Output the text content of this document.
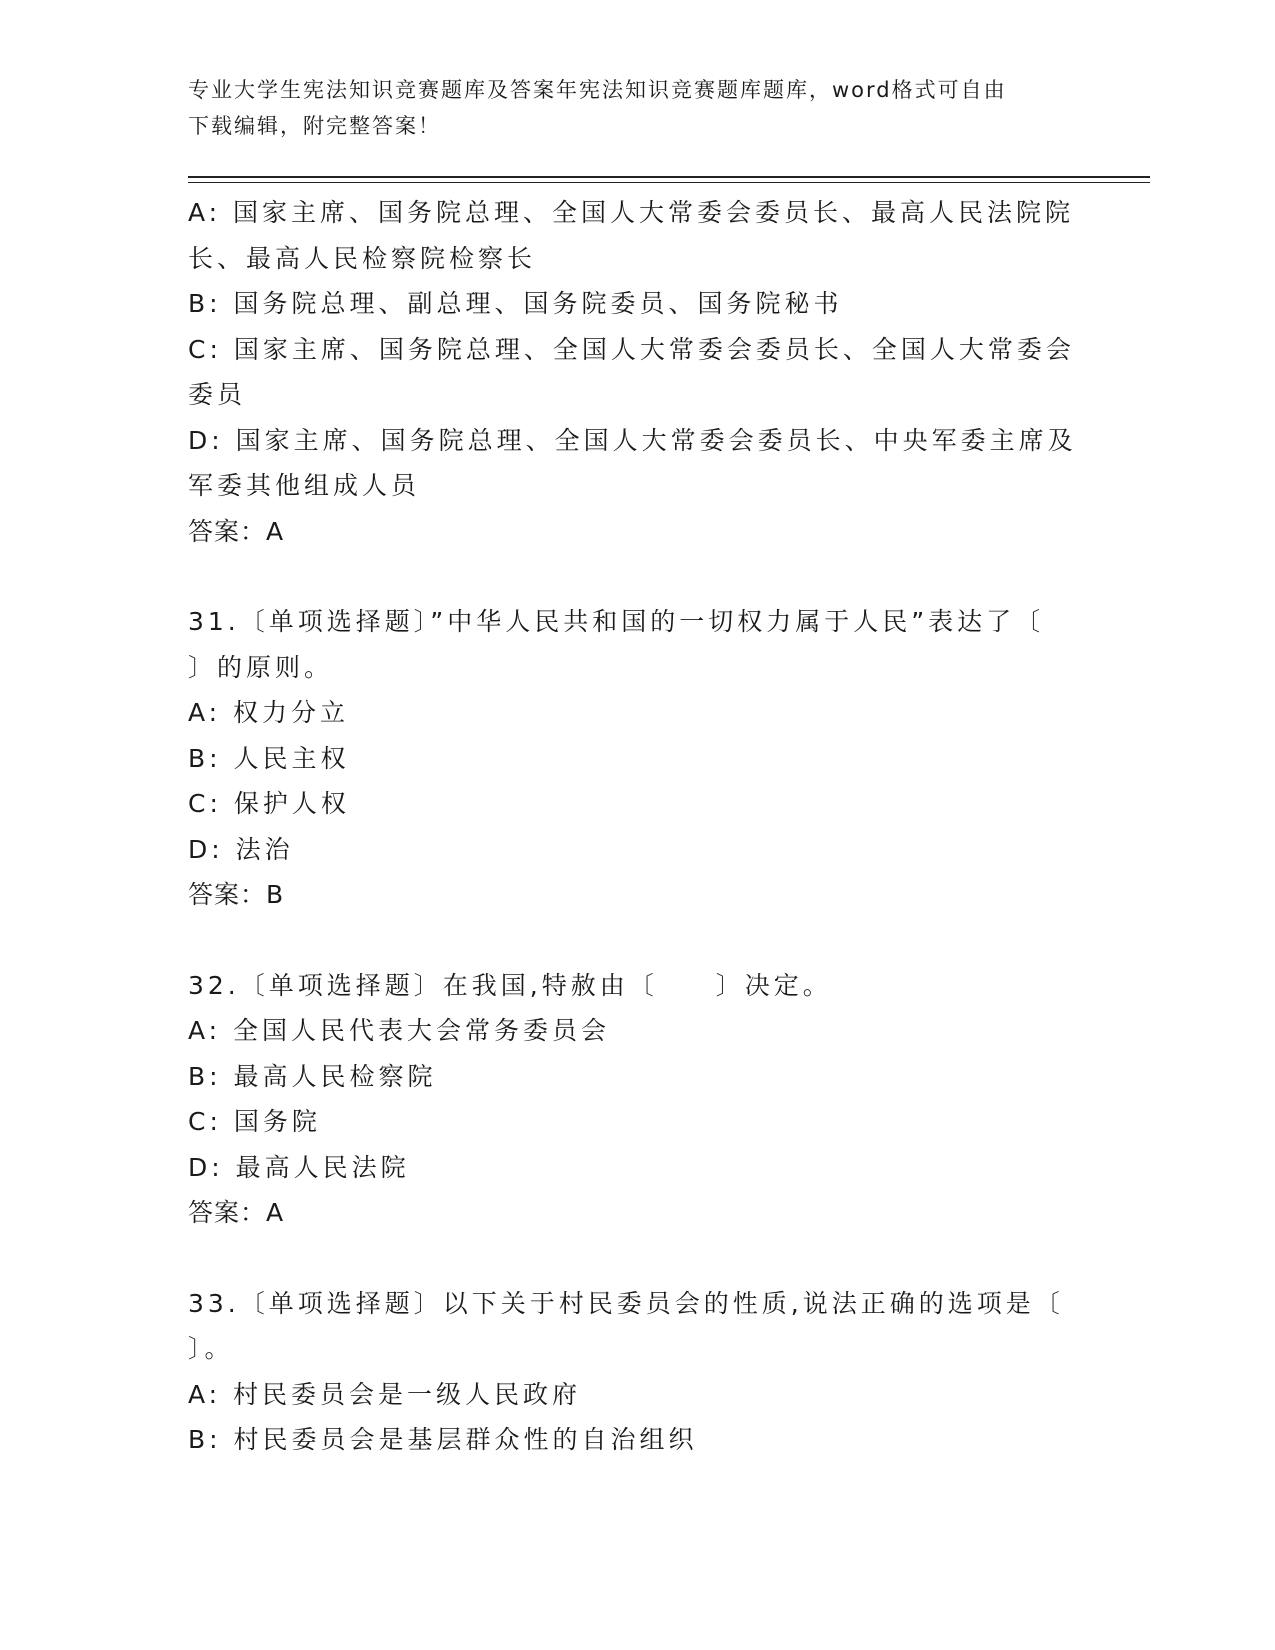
专业大学生宪法知识竞赛题库及答案年宪法知识竞赛题库题库，word格式可自由
下载编辑，附完整答案！
A: 国家主席、国务院总理、全国人大常委会委员长、最高人民法院院
长、最高人民检察院检察长
B: 国务院总理、副总理、国务院委员、国务院秘书
C: 国家主席、国务院总理、全国人大常委会委员长、全国人大常委会
委员
D: 国家主席、国务院总理、全国人大常委会委员长、中央军委主席及
军委其他组成人员
答案：A
31.〔单项选择题〕”中华人民共和国的一切权力属于人民”表达了〔
〕的原则。
A: 权力分立
B: 人民主权
C: 保护人权
D: 法治
答案：B
32.〔单项选择题〕在我国,特赦由〔　　〕决定。
A: 全国人民代表大会常务委员会
B: 最高人民检察院
C: 国务院
D: 最高人民法院
答案：A
33.〔单项选择题〕以下关于村民委员会的性质,说法正确的选项是〔
〕。
A: 村民委员会是一级人民政府
B: 村民委员会是基层群众性的自治组织
